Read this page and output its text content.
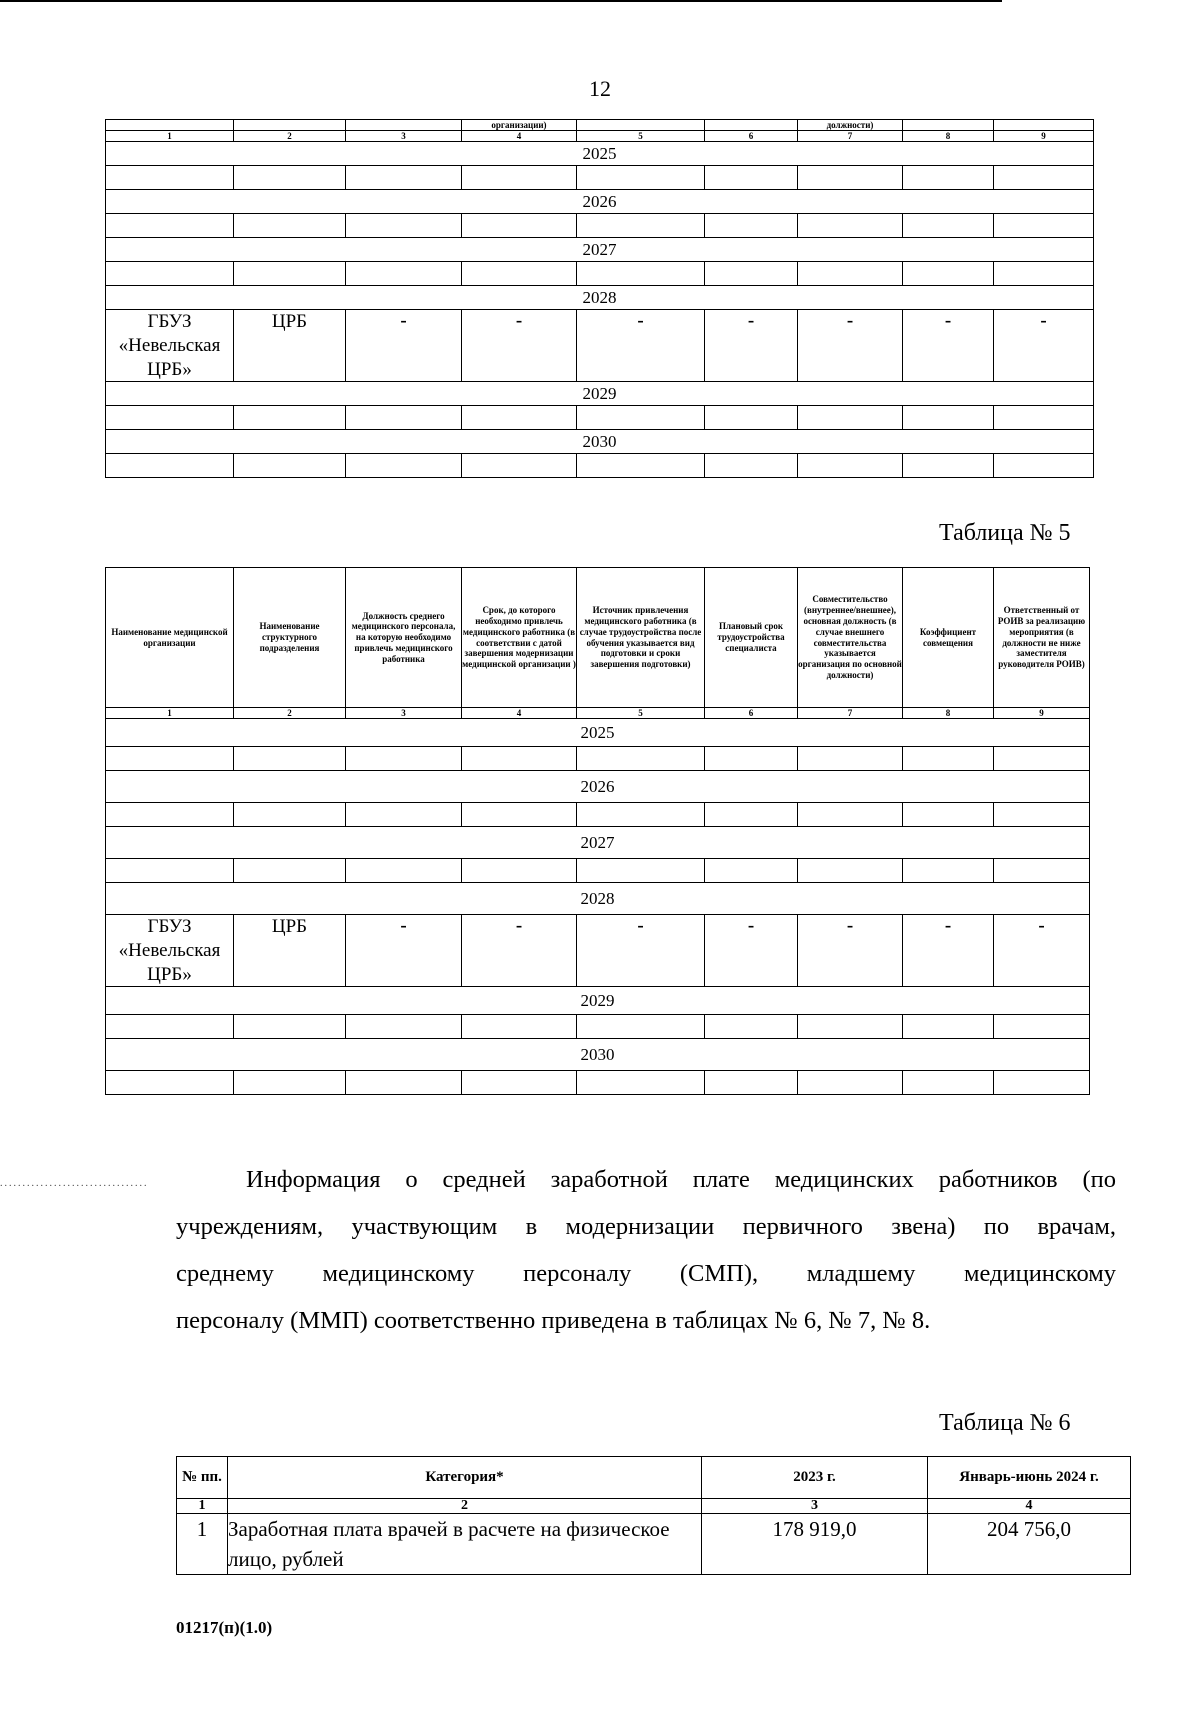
12
			организации)			должности)		
1	2	3	4	5	6	7	8	9
2025								

2026								

2027								

2028								
ГБУЗ «Невельская ЦРБ»	ЦРБ	-	-	-	-	-	-	-
2029								

2030								

Таблица № 5
Наименование медицинской организации	Наименование структурного подразделения	Должность среднего медицинского персонала, на которую необходимо привлечь медицинского работника	Срок, до которого необходимо привлечь медицинского работника (в соответствии с датой завершения модернизации медицинской организации )	Источник привлечения медицинского работника (в случае трудоустройства после обучения указывается вид подготовки и сроки завершения подготовки)	Плановый срок трудоустройства специалиста	Совместительство (внутреннее/внешнее), основная должность (в случае внешнего совместительства указывается организация по основной должности)	Коэффициент совмещения	Ответственный от РОИВ за реализацию мероприятия (в должности не ниже заместителя руководителя РОИВ)
1	2	3	4	5	6	7	8	9
2025								

2026								

2027								

2028								
ГБУЗ «Невельская ЦРБ»	ЦРБ	-	-	-	-	-	-	-
2029								

2030								

.................................	Информация о средней заработной плате медицинских работников (по
учреждениям, участвующим в модернизации первичного звена) по врачам,
среднему медицинскому персоналу (СМП), младшему медицинскому
персоналу (ММП) соответственно приведена в таблицах № 6, № 7, № 8.
Таблица № 6
№ пп.	Категория*	2023 г.	Январь-июнь 2024 г.
1	2	3	4
1	Заработная плата врачей в расчете на физическое лицо, рублей	178 919,0	204 756,0
01217(п)(1.0)
